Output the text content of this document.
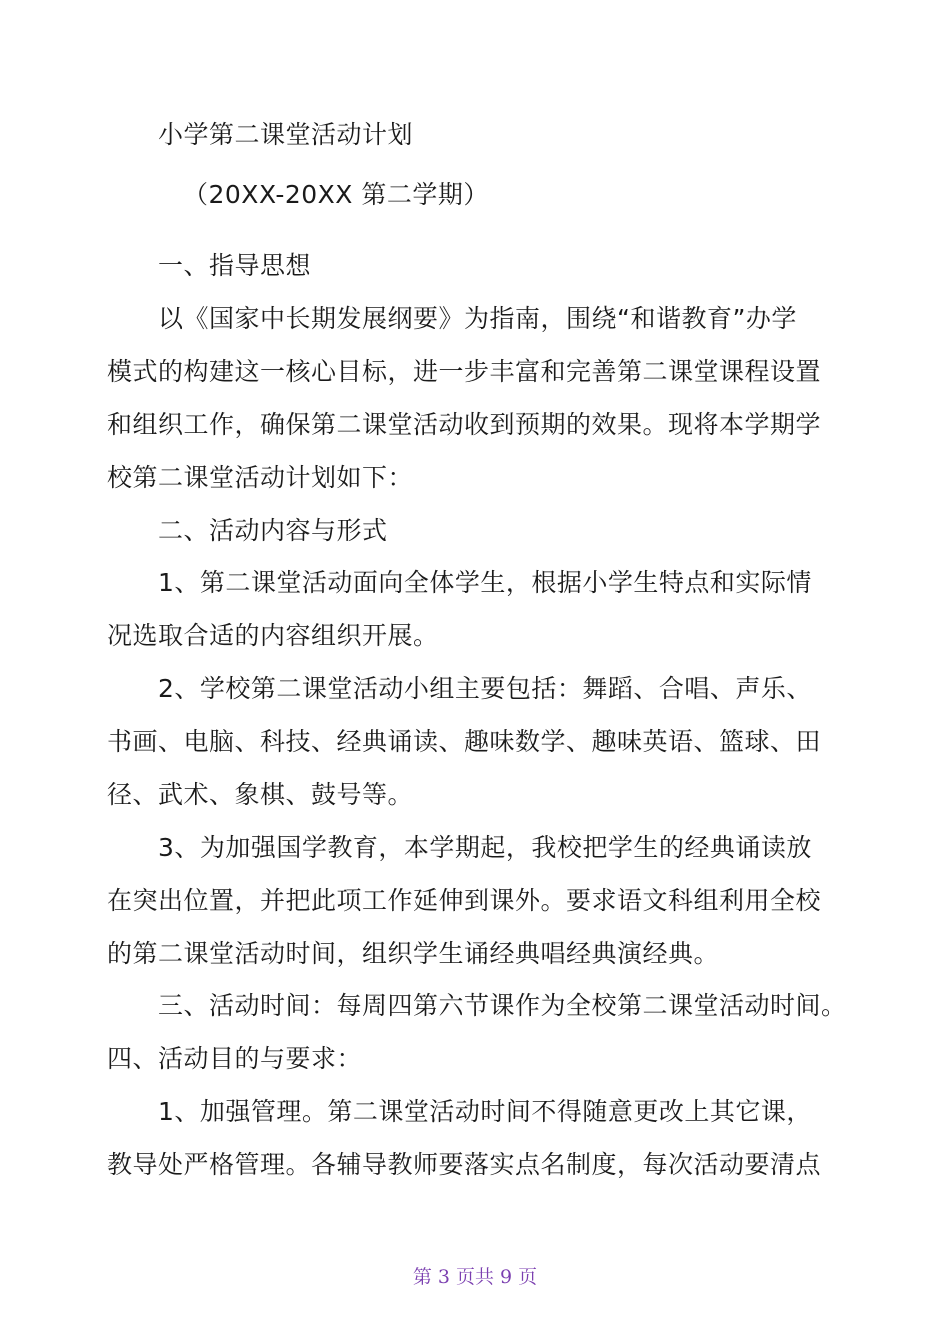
小学第二课堂活动计划
（20XX-20XX 第二学期）
一、指导思想
以《国家中长期发展纲要》为指南，围绕“和谐教育”办学
模式的构建这一核心目标，进一步丰富和完善第二课堂课程设置
和组织工作，确保第二课堂活动收到预期的效果。现将本学期学
校第二课堂活动计划如下：
二、活动内容与形式
1、第二课堂活动面向全体学生，根据小学生特点和实际情
况选取合适的内容组织开展。
2、学校第二课堂活动小组主要包括：舞蹈、合唱、声乐、
书画、电脑、科技、经典诵读、趣味数学、趣味英语、篮球、田
径、武术、象棋、鼓号等。
3、为加强国学教育，本学期起，我校把学生的经典诵读放
在突出位置，并把此项工作延伸到课外。要求语文科组利用全校
的第二课堂活动时间，组织学生诵经典唱经典演经典。
三、活动时间：每周四第六节课作为全校第二课堂活动时间。
四、活动目的与要求：
1、加强管理。第二课堂活动时间不得随意更改上其它课，
教导处严格管理。各辅导教师要落实点名制度，每次活动要清点
第 3 页共 9 页
